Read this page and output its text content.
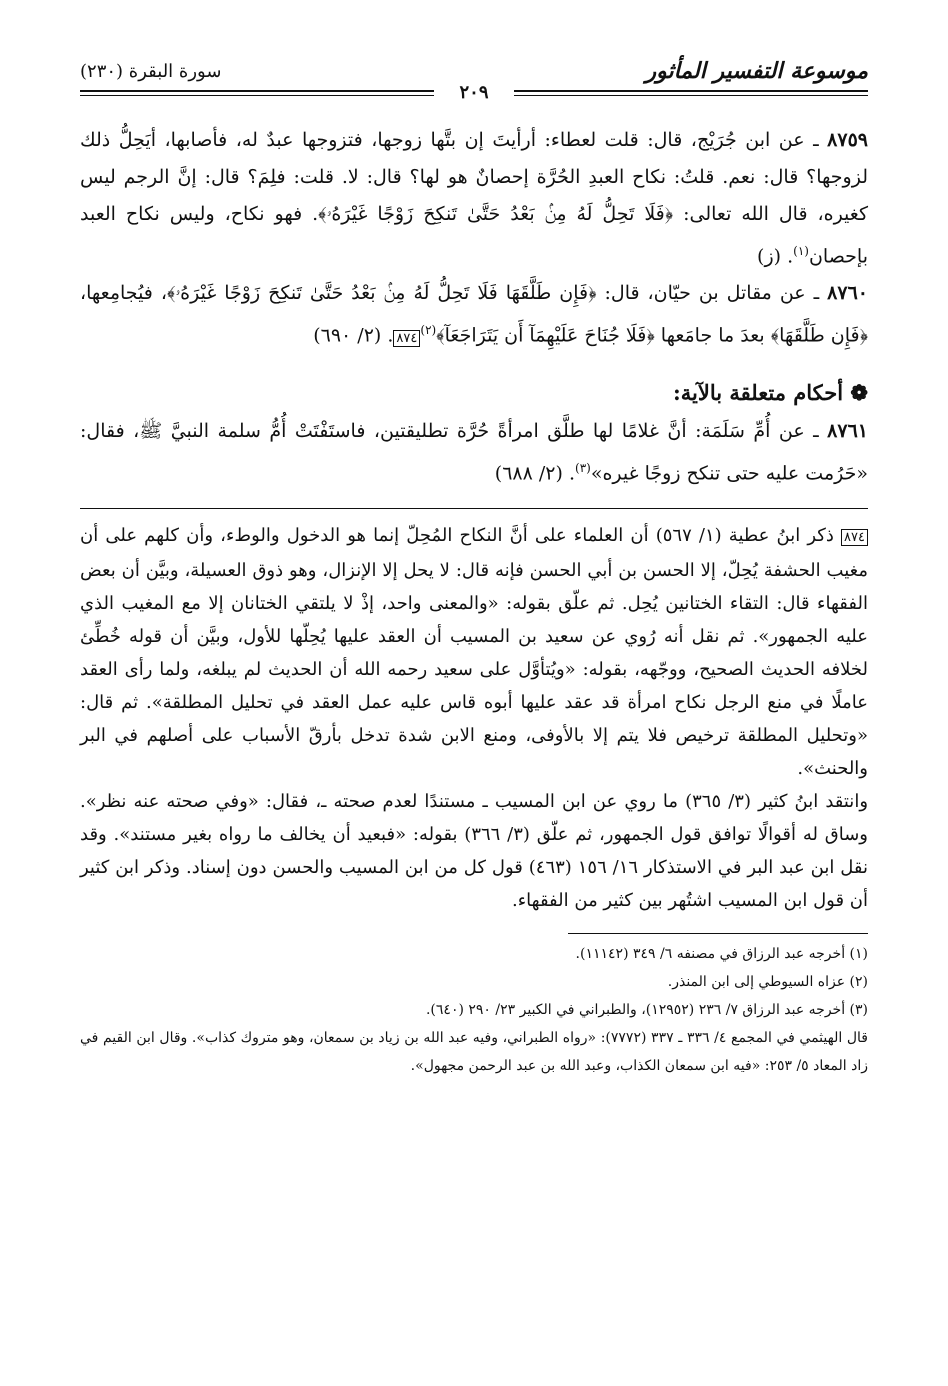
موسوعة التفسير المأثور
سورة البقرة (٢٣٠)
٢٠٩

٨٧٥٩ ـ عن ابن جُرَيْج، قال: قلت لعطاء: أرأيتَ إن بتَّها زوجها، فتزوجها عبدٌ له، فأصابها، أيَحِلُّ ذلك لزوجها؟ قال: نعم. قلتُ: نكاح العبدِ الحُرَّة إحصانٌ هو لها؟ قال: لا. قلت: فلِمَ؟ قال: إنَّ الرجم ليس كغيره، قال الله تعالى: ﴿فَلَا تَحِلُّ لَهُ مِنۢ بَعْدُ حَتَّىٰ تَنكِحَ زَوْجًا غَيْرَهُۥ﴾. فهو نكاح، وليس نكاح العبد بإحصان$^{(١)}$. (ز)

٨٧٦٠ ـ عن مقاتل بن حيّان، قال: ﴿فَإِن طَلَّقَهَا فَلَا تَحِلُّ لَهُ مِنۢ بَعْدُ حَتَّىٰ تَنكِحَ زَوْجًا غَيْرَهُۥ﴾، فيُجامِعها، ﴿فَإِن طَلَّقَهَا﴾ بعدَ ما جامَعها ﴿فَلَا جُنَاحَ عَلَيْهِمَآ أَن يَتَرَاجَعَآ﴾$^{(٢)}$٨٧٤. (٢/ ٦٩٠)

❁ أحكام متعلقة بالآية:

٨٧٦١ ـ عن أُمِّ سَلَمَة: أنَّ غلامًا لها طلَّق امرأةً حُرَّة تطليقتين، فاستَفْتَتْ أُمُّ سلمة النبيَّ ﷺ، فقال: «حَرُمت عليه حتى تنكح زوجًا غيره»$^{(٣)}$. (٢/ ٦٨٨)

٨٧٤ ذكر ابنُ عطية (١/ ٥٦٧) أن العلماء على أنَّ النكاح المُحِلّ إنما هو الدخول والوطء، وأن كلهم على أن مغيب الحشفة يُحِلّ، إلا الحسن بن أبي الحسن فإنه قال: لا يحل إلا الإنزال، وهو ذوق العسيلة، وبيَّن أن بعض الفقهاء قال: التقاء الختانين يُحِل. ثم علّق بقوله: «والمعنى واحد، إذْ لا يلتقي الختانان إلا مع المغيب الذي عليه الجمهور». ثم نقل أنه رُوي عن سعيد بن المسيب أن العقد عليها يُحِلّها للأول، وبيَّن أن قوله خُطِّئ لخلافه الحديث الصحيح، ووجّهه، بقوله: «ويُتأوَّل على سعيد رحمه الله أن الحديث لم يبلغه، ولما رأى العقد عاملًا في منع الرجل نكاح امرأة قد عقد عليها أبوه قاس عليه عمل العقد في تحليل المطلقة». ثم قال: «وتحليل المطلقة ترخيص فلا يتم إلا بالأوفى، ومنع الابن شدة تدخل بأرقّ الأسباب على أصلهم في البر والحنث».

وانتقد ابنُ كثير (٣/ ٣٦٥) ما روي عن ابن المسيب ـ مستندًا لعدم صحته ـ، فقال: «وفي صحته عنه نظر». وساق له أقوالًا توافق قول الجمهور، ثم علّق (٣/ ٣٦٦) بقوله: «فبعيد أن يخالف ما رواه بغير مستند». وقد نقل ابن عبد البر في الاستذكار ١٦/ ١٥٦ (٤٦٣) قول كل من ابن المسيب والحسن دون إسناد. وذكر ابن كثير أن قول ابن المسيب اشتُهر بين كثير من الفقهاء.

(١) أخرجه عبد الرزاق في مصنفه ٦/ ٣٤٩ (١١١٤٢).

(٢) عزاه السيوطي إلى ابن المنذر.

(٣) أخرجه عبد الرزاق ٧/ ٢٣٦ (١٢٩٥٢)، والطبراني في الكبير ٢٣/ ٢٩٠ (٦٤٠).

قال الهيثمي في المجمع ٤/ ٣٣٦ ـ ٣٣٧ (٧٧٧٢): «رواه الطبراني، وفيه عبد الله بن زياد بن سمعان، وهو متروك كذاب». وقال ابن القيم في زاد المعاد ٥/ ٢٥٣: «فيه ابن سمعان الكذاب، وعبد الله بن عبد الرحمن مجهول».
